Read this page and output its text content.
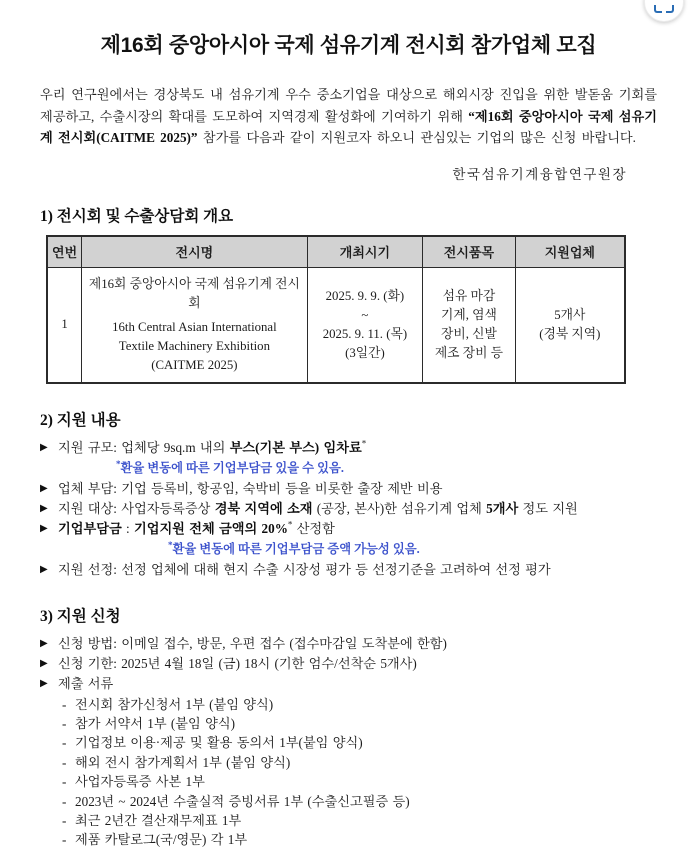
제16회 중앙아시아 국제 섬유기계 전시회 참가업체 모집

우리 연구원에서는 경상북도 내 섬유기계 우수 중소기업을 대상으로 해외시장 진입을 위한 발돋움 기회를 제공하고, 수출시장의 확대를 도모하여 지역경제 활성화에 기여하기 위해 “제16회 중앙아시아 국제 섬유기계 전시회(CAITME 2025)” 참가를 다음과 같이 지원코자 하오니 관심있는 기업의 많은 신청 바랍니다.

한국섬유기계융합연구원장
1) 전시회 및 수출상담회 개요
연번	전시명	개최시기	전시품목	지원업체
1	제16회 중앙아시아 국제 섬유기계 전시회
16th Central Asian International
Textile Machinery Exhibition
(CAITME 2025)	2025. 9. 9. (화)
~
2025. 9. 11. (목)
(3일간)	섬유 마감
기계, 염색
장비, 신발
제조 장비 등	5개사
(경북 지역)
2) 지원 내용
▶ 지원 규모: 업체당 9sq.m 내의 부스(기본 부스) 임차료*
*환율 변동에 따른 기업부담금 있을 수 있음.
▶ 업체 부담: 기업 등록비, 항공임, 숙박비 등을 비롯한 출장 제반 비용
▶ 지원 대상: 사업자등록증상 경북 지역에 소재 (공장, 본사)한 섬유기계 업체 5개사 정도 지원
▶ 기업부담금 : 기업지원 전체 금액의 20%* 산정함
*환율 변동에 따른 기업부담금 증액 가능성 있음.
▶ 지원 선정: 선정 업체에 대해 현지 수출 시장성 평가 등 선정기준을 고려하여 선정 평가
3) 지원 신청
▶ 신청 방법: 이메일 접수, 방문, 우편 접수 (접수마감일 도착분에 한함)
▶ 신청 기한: 2025년 4월 18일 (금) 18시 (기한 엄수/선착순 5개사)
▶ 제출 서류
- 전시회 참가신청서 1부 (붙임 양식)
- 참가 서약서 1부 (붙임 양식)
- 기업정보 이용·제공 및 활용 동의서 1부(붙임 양식)
- 해외 전시 참가계획서 1부 (붙임 양식)
- 사업자등록증 사본 1부
- 2023년 ~ 2024년 수출실적 증빙서류 1부 (수출신고필증 등)
- 최근 2년간 결산재무제표 1부
- 제품 카탈로그(국/영문) 각 1부
